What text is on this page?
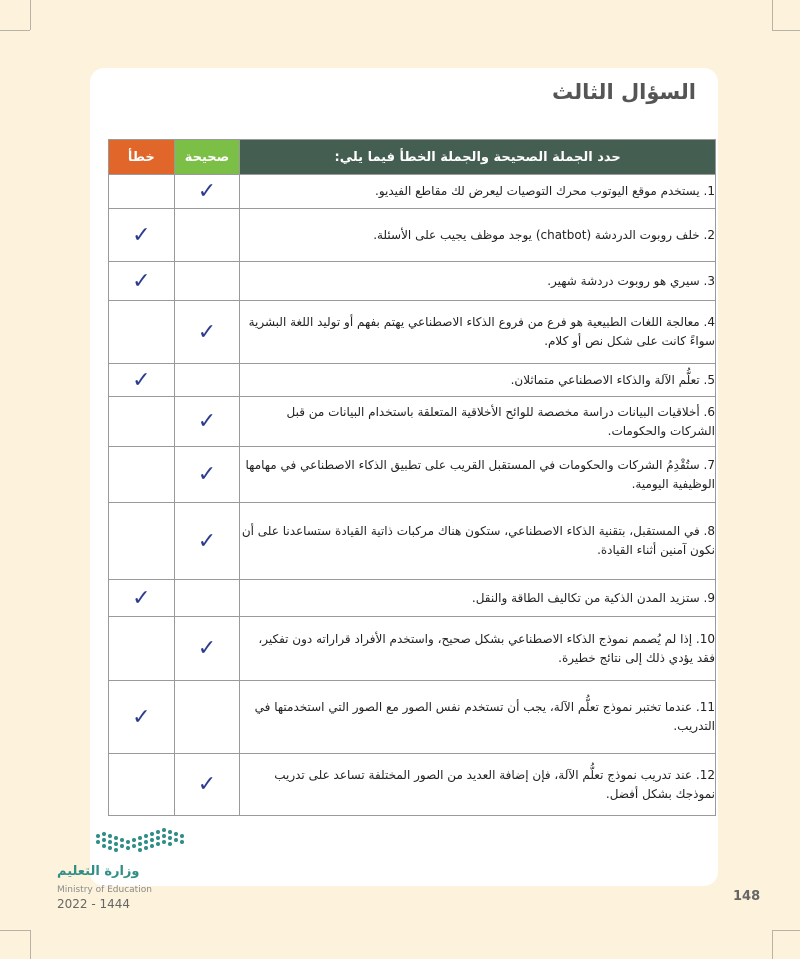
السؤال الثالث
حدد الجملة الصحيحة والجملة الخطأ فيما يلي:	صحيحة	خطأ
1. يستخدم موقع اليوتوب محرك التوصيات ليعرض لك مقاطع الفيديو.	✓	
2. خلف روبوت الدردشة (chatbot) يوجد موظف يجيب على الأسئلة.		✓
3. سيري هو روبوت دردشة شهير.		✓
4. معالجة اللغات الطبيعية هو فرع من فروع الذكاء الاصطناعي يهتم بفهم أو توليد اللغة البشرية سواءً كانت على شكل نص أو كلام.	✓	
5. تعلُّم الآلة والذكاء الاصطناعي متماثلان.		✓
6. أخلاقيات البيانات دراسة مخصصة للوائح الأخلاقية المتعلقة باستخدام البيانات من قبل الشركات والحكومات.	✓	
7. ستُقْدِمُ الشركات والحكومات في المستقبل القريب على تطبيق الذكاء الاصطناعي في مهامها الوظيفية اليومية.	✓	
8. في المستقبل، بتقنية الذكاء الاصطناعي، ستكون هناك مركبات ذاتية القيادة ستساعدنا على أن نكون آمنين أثناء القيادة.	✓	
9. ستزيد المدن الذكية من تكاليف الطاقة والنقل.		✓
10. إذا لم يُصمم نموذج الذكاء الاصطناعي بشكل صحيح، واستخدم الأفراد قراراته دون تفكير، فقد يؤدي ذلك إلى نتائج خطيرة.	✓	
11. عندما تختبر نموذج تعلُّم الآلة، يجب أن تستخدم نفس الصور مع الصور التي استخدمتها في التدريب.		✓
12. عند تدريب نموذج تعلُّم الآلة، فإن إضافة العديد من الصور المختلفة تساعد على تدريب نموذجك بشكل أفضل.	✓	
وزارة التعليم
Ministry of Education
2022 - 1444	148
